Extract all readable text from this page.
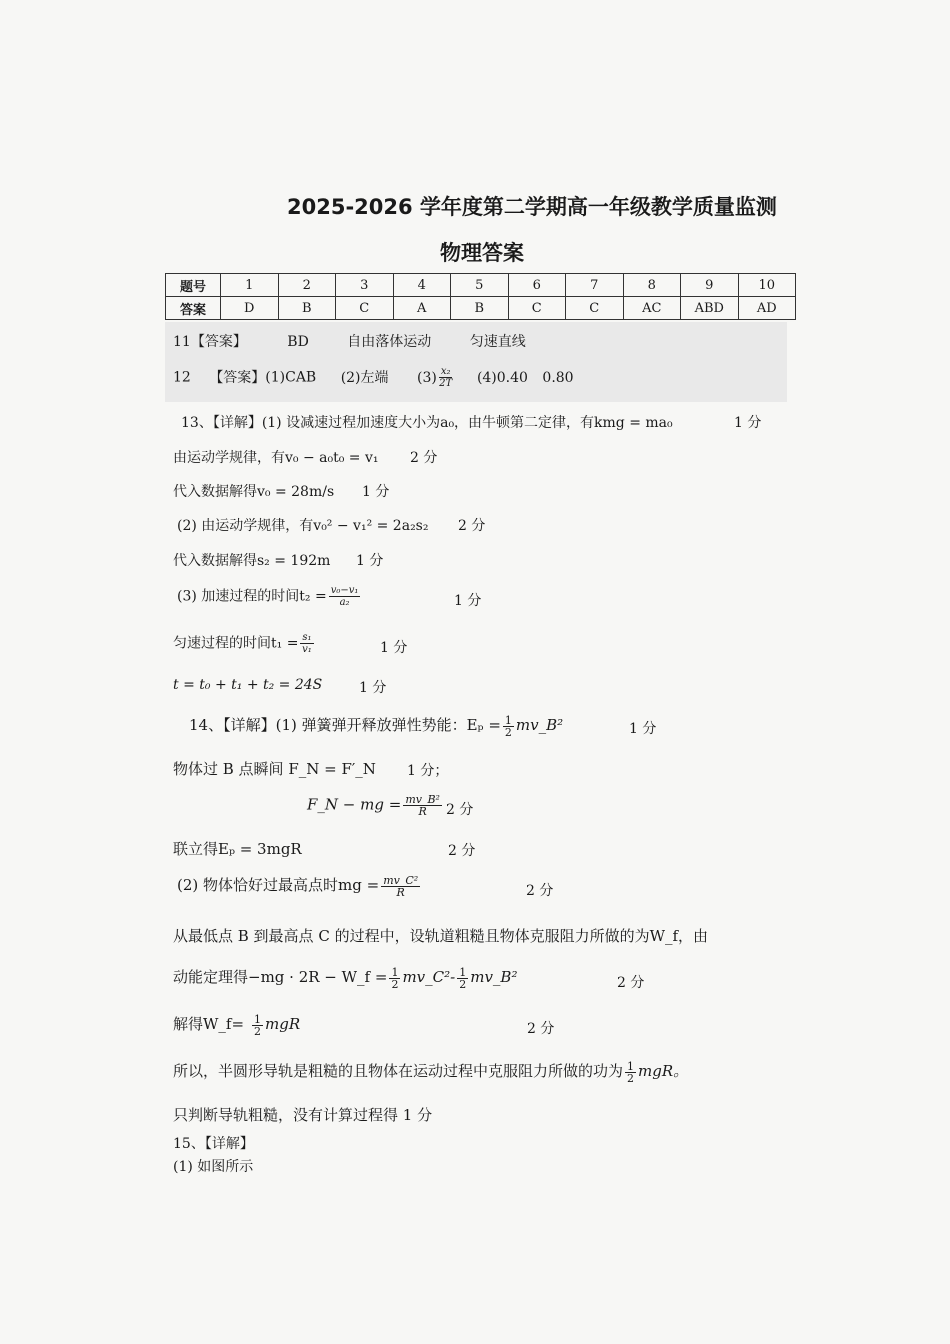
2025-2026 学年度第二学期高一年级教学质量监测
物理答案
题号	1	2	3	4	5	6	7	8	9	10
答案	D	B	C	A	B	C	C	AC	ABD	AD
11【答案】	BD	自由落体运动	匀速直线
12 【答案】(1)CAB (2)左端 $(3) \frac{\text{x₂}}{2T} (4)0.40$ 0.80
13、【详解】(1) 设减速过程加速度大小为a₀，由牛顿第二定律，有kmg = ma₀	1 分
由运动学规律，有v₀ − a₀t₀ = v₁ 2 分
代入数据解得v₀ = 28m/s 1 分
(2) 由运动学规律，有v₀² − v₁² = 2a₂s₂ 2 分
代入数据解得s₂ = 192m 1 分
(3) 加速过程的时间$t_2 = \frac{\text{v₀−v₁}}{\text{a₂}}$	1 分
匀速过程的时间$t_1 = \frac{\text{s₁}}{\text{v₁}}$	1 分
t = t₀ + t₁ + t₂ = 24S	1 分
14、【详解】(1) 弹簧弹开释放弹性势能：$E_p = \frac{1}{2}$ mv_B²	1 分
物体过 B 点瞬间 F_N = F′_N 1 分；
F_N − mg = $\frac{\text{mv\_B²}}{R} 2$ 分
联立得Eₚ = 3mgR	2 分
(2) 物体恰好过最高点时mg = $\frac{\text{mv\_C²}}{R}$	2 分
从最低点 B 到最高点 C 的过程中，设轨道粗糙且物体克服阻力所做的为W_f，由
动能定理得−mg · 2R − W_f = $\frac{1}{2}$ mv_C²- $\frac{1}{2}$ mv_B²	2 分
解得W_f= $\frac{1}{2}$ mgR	2 分
所以，半圆形导轨是粗糙的且物体在运动过程中克服阻力所做的功为 $\frac{1}{2}$ mgR。
只判断导轨粗糙，没有计算过程得 1 分
15、【详解】
(1) 如图所示
